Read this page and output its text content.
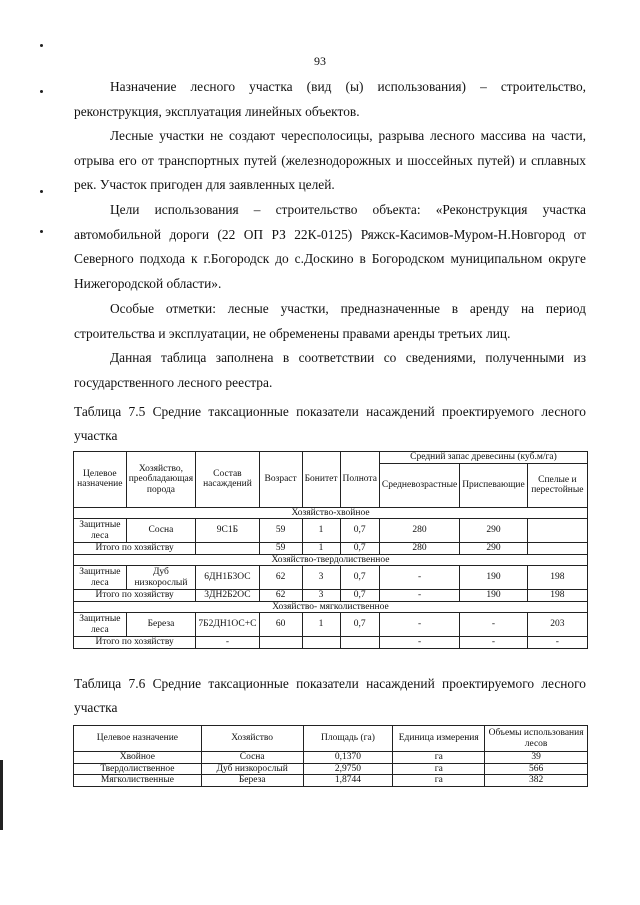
93
Назначение лесного участка (вид (ы) использования) – строительство, реконструкция, эксплуатация линейных объектов.
Лесные участки не создают чересполосицы, разрыва лесного массива на части, отрыва его от транспортных путей (железнодорожных и шоссейных путей) и сплавных рек. Участок пригоден для заявленных целей.
Цели использования – строительство объекта: «Реконструкция участка автомобильной дороги (22 ОП РЗ 22К-0125) Ряжск-Касимов-Муром-Н.Новгород от Северного подхода к г.Богородск до с.Доскино в Богородском муниципальном округе Нижегородской области».
Особые отметки: лесные участки, предназначенные в аренду на период строительства и эксплуатации, не обременены правами аренды третьих лиц.
Данная таблица заполнена в соответствии со сведениями, полученными из государственного лесного реестра.
Таблица 7.5 Средние таксационные показатели насаждений проектируемого лесного участка
Целевое назначение	Хозяйство, преобладающая порода	Состав насаждений	Возраст	Бонитет	Полнота	Средний запас древесины (куб.м/га)		
						Средневозрастные	Приспевающие	Спелые и перестойные
Хозяйство-хвойное								
Защитные леса	Сосна	9С1Б	59	1	0,7	280	290	
Итого по хозяйству			59	1	0,7	280	290	
Хозяйство-твердолиственное								
Защитные леса	Дуб низкорослый	6ДН1Б3ОС	62	3	0,7	-	190	198
Итого по хозяйству		3ДН2Б2ОС	62	3	0,7	-	190	198
Хозяйство- мягколиственное								
Защитные леса	Береза	7Б2ДН1ОС+С	60	1	0,7	-	-	203
Итого по хозяйству		-				-	-	-
Таблица 7.6 Средние таксационные показатели насаждений проектируемого лесного участка
Целевое назначение	Хозяйство	Площадь (га)	Единица измерения	Объемы использования лесов
Хвойное	Сосна	0,1370	га	39
Твердолиственное	Дуб низкорослый	2,9750	га	566
Мягколиственные	Береза	1,8744	га	382
